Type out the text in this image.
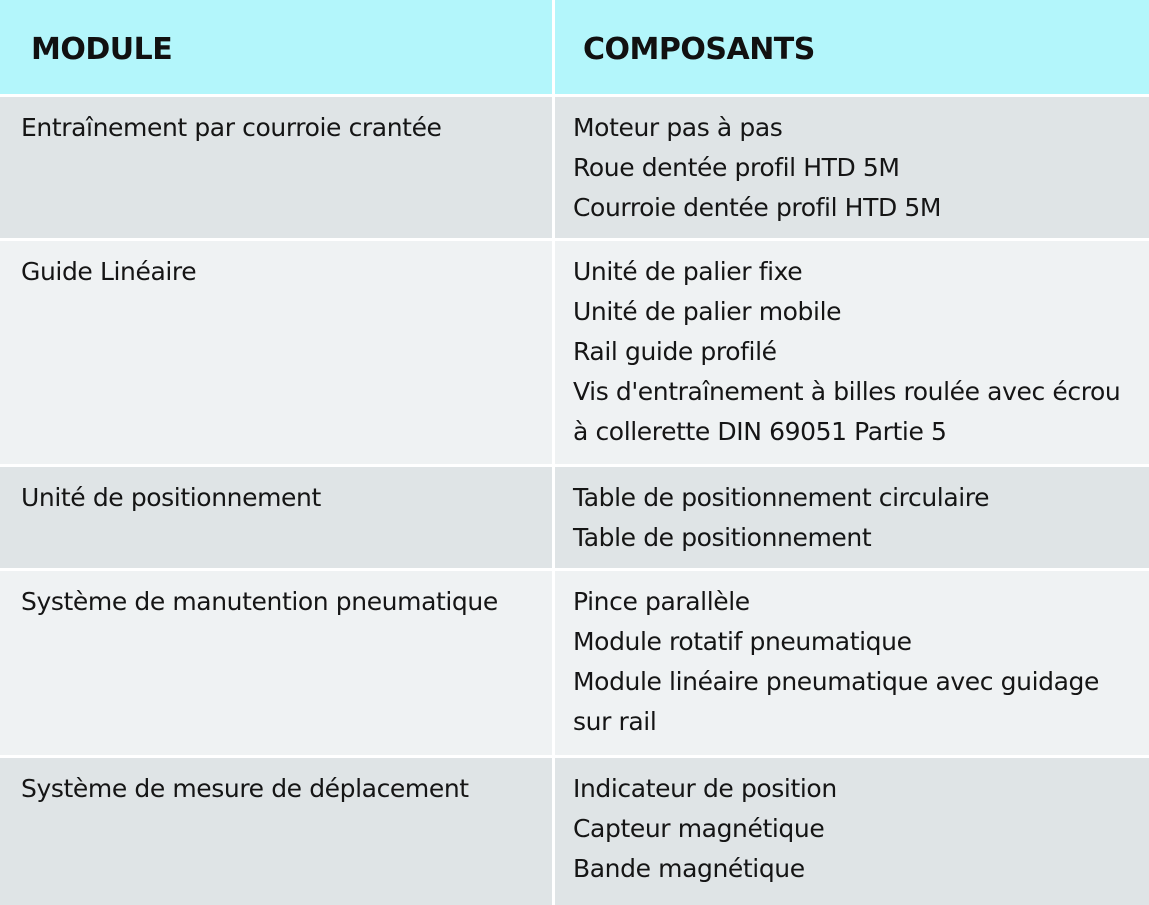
MODULE	COMPOSANTS
Entraînement par courroie crantée	Moteur pas à pas
Roue dentée profil HTD 5M
Courroie dentée profil HTD 5M
Guide Linéaire	Unité de palier fixe
Unité de palier mobile
Rail guide profilé
Vis d'entraînement à billes roulée avec écrou
à collerette DIN 69051 Partie 5
Unité de positionnement	Table de positionnement circulaire
Table de positionnement
Système de manutention pneumatique	Pince parallèle
Module rotatif pneumatique
Module linéaire pneumatique avec guidage
sur rail
Système de mesure de déplacement	Indicateur de position
Capteur magnétique
Bande magnétique
